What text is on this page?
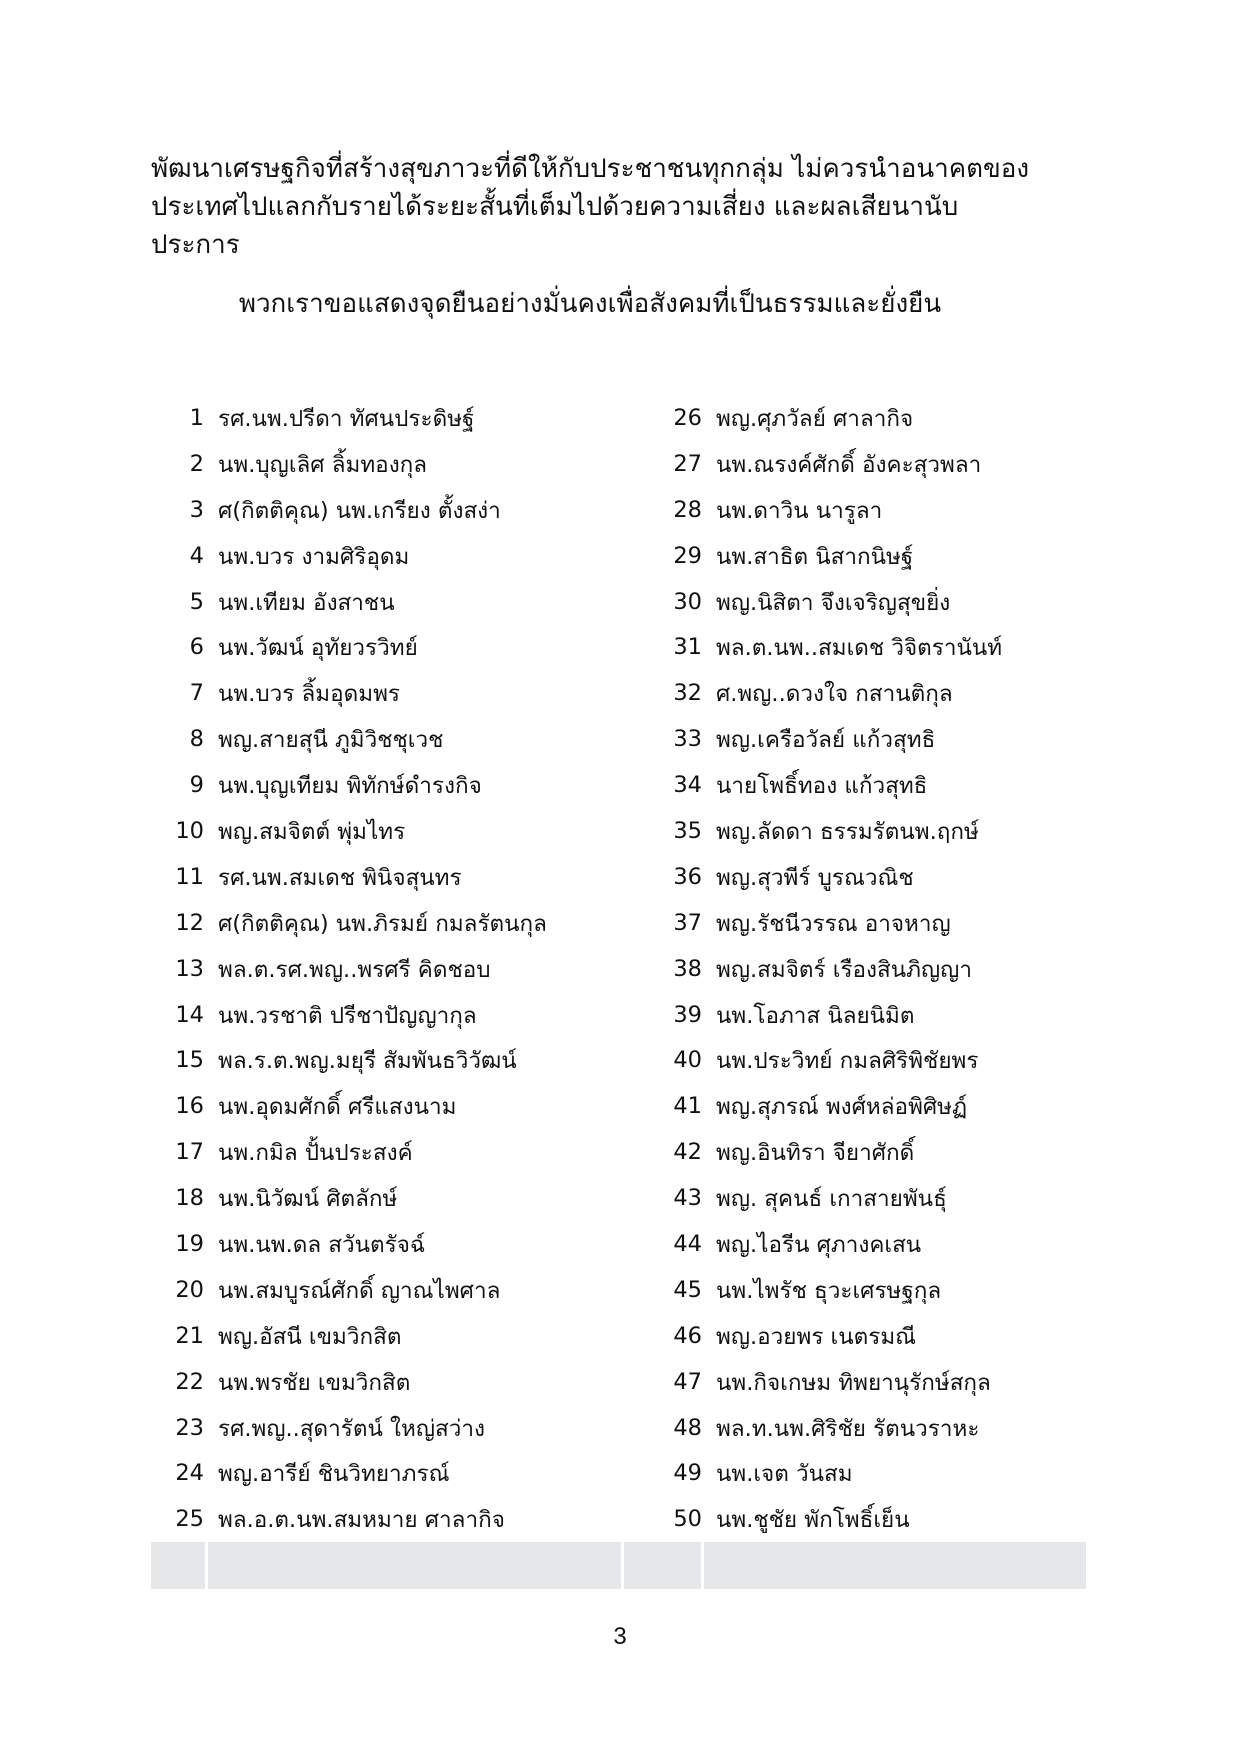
พัฒนาเศรษฐกิจที่สร้างสุขภาวะที่ดีให้กับประชาชนทุกกลุ่ม ไม่ควรนำอนาคตของ
ประเทศไปแลกกับรายได้ระยะสั้นที่เต็มไปด้วยความเสี่ยง และผลเสียนานับ
ประการ
พวกเราขอแสดงจุดยืนอย่างมั่นคงเพื่อสังคมที่เป็นธรรมและยั่งยืน
1 รศ.นพ.ปรีดา ทัศนประดิษฐ์
2 นพ.บุญเลิศ ลิ้มทองกุล
3 ศ(กิตติคุณ) นพ.เกรียง ตั้งสง่า
4 นพ.บวร งามศิริอุดม
5 นพ.เทียม อังสาชน
6 นพ.วัฒน์ อุทัยวรวิทย์
7 นพ.บวร ลิ้มอุดมพร
8 พญ.สายสุนี ภูมิวิชชุเวช
9 นพ.บุญเทียม พิทักษ์ดำรงกิจ
10 พญ.สมจิตต์ พุ่มไทร
11 รศ.นพ.สมเดช พินิจสุนทร
12 ศ(กิตติคุณ) นพ.ภิรมย์ กมลรัตนกุล
13 พล.ต.รศ.พญ..พรศรี คิดชอบ
14 นพ.วรชาติ ปรีชาปัญญากุล
15 พล.ร.ต.พญ.มยุรี สัมพันธวิวัฒน์
16 นพ.อุดมศักดิ์ ศรีแสงนาม
17 นพ.กมิล ปั้นประสงค์
18 นพ.นิวัฒน์ ศิตลักษ์
19 นพ.นพ.ดล สวันตรัจฉ์
20 นพ.สมบูรณ์ศักดิ์ ญาณไพศาล
21 พญ.อัสนี เขมวิกสิต
22 นพ.พรชัย เขมวิกสิต
23 รศ.พญ..สุดารัตน์ ใหญ่สว่าง
24 พญ.อารีย์ ชินวิทยาภรณ์
25 พล.อ.ต.นพ.สมหมาย ศาลากิจ
26 พญ.ศุภวัลย์ ศาลากิจ
27 นพ.ณรงค์ศักดิ์ อังคะสุวพลา
28 นพ.ดาวิน นารูลา
29 นพ.สาธิต นิสากนิษฐ์
30 พญ.นิสิตา จึงเจริญสุขยิ่ง
31 พล.ต.นพ..สมเดช วิจิตรานันท์
32 ศ.พญ..ดวงใจ กสานติกุล
33 พญ.เครือวัลย์ แก้วสุทธิ
34 นายโพธิ์ทอง แก้วสุทธิ
35 พญ.ลัดดา ธรรมรัตนพ.ฤกษ์
36 พญ.สุวพีร์ บูรณวณิช
37 พญ.รัชนีวรรณ อาจหาญ
38 พญ.สมจิตร์ เรืองสินภิญญา
39 นพ.โอภาส นิลยนิมิต
40 นพ.ประวิทย์ กมลศิริพิชัยพร
41 พญ.สุภรณ์ พงศ์หล่อพิศิษฏ์
42 พญ.อินทิรา จียาศักดิ์
43 พญ. สุคนธ์ เกาสายพันธุ์
44 พญ.ไอรีน ศุภางคเสน
45 นพ.ไพรัช ธุวะเศรษฐกุล
46 พญ.อวยพร เนตรมณี
47 นพ.กิจเกษม ทิพยานุรักษ์สกุล
48 พล.ท.นพ.ศิริชัย รัตนวราหะ
49 นพ.เจต วันสม
50 นพ.ชูชัย พักโพธิ์เย็น
3
